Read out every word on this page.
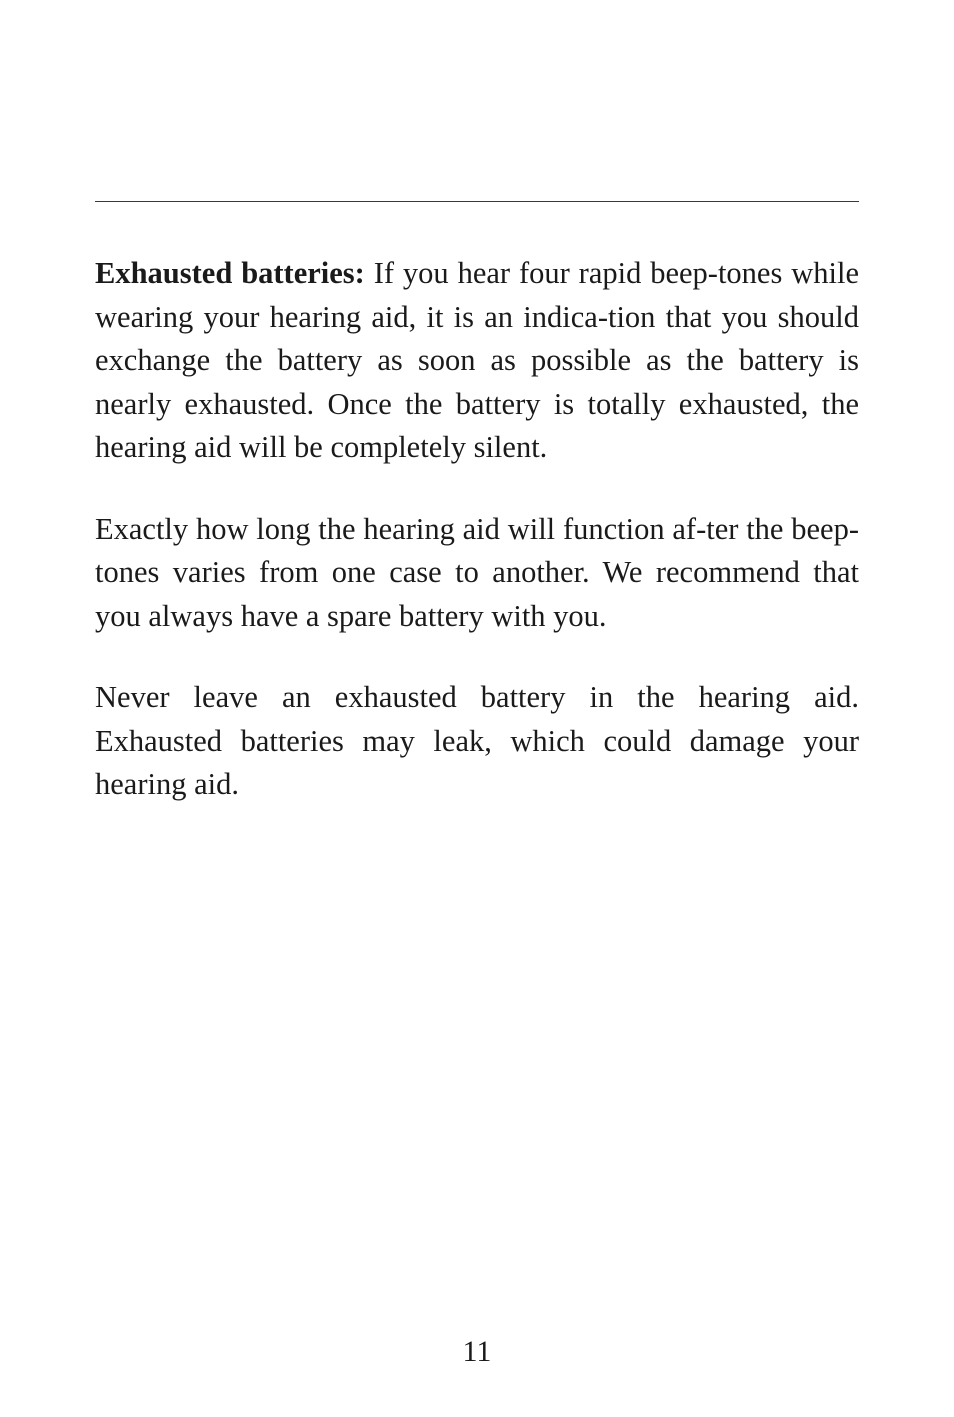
Exhausted batteries: If you hear four rapid beep-tones while wearing your hearing aid, it is an indica-tion that you should exchange the battery as soon as possible as the battery is nearly exhausted. Once the battery is totally exhausted, the hearing aid will be completely silent.

Exactly how long the hearing aid will function af-ter the beep-tones varies from one case to another. We recommend that you always have a spare battery with you.

Never leave an exhausted battery in the hearing aid. Exhausted batteries may leak, which could damage your hearing aid.

11
